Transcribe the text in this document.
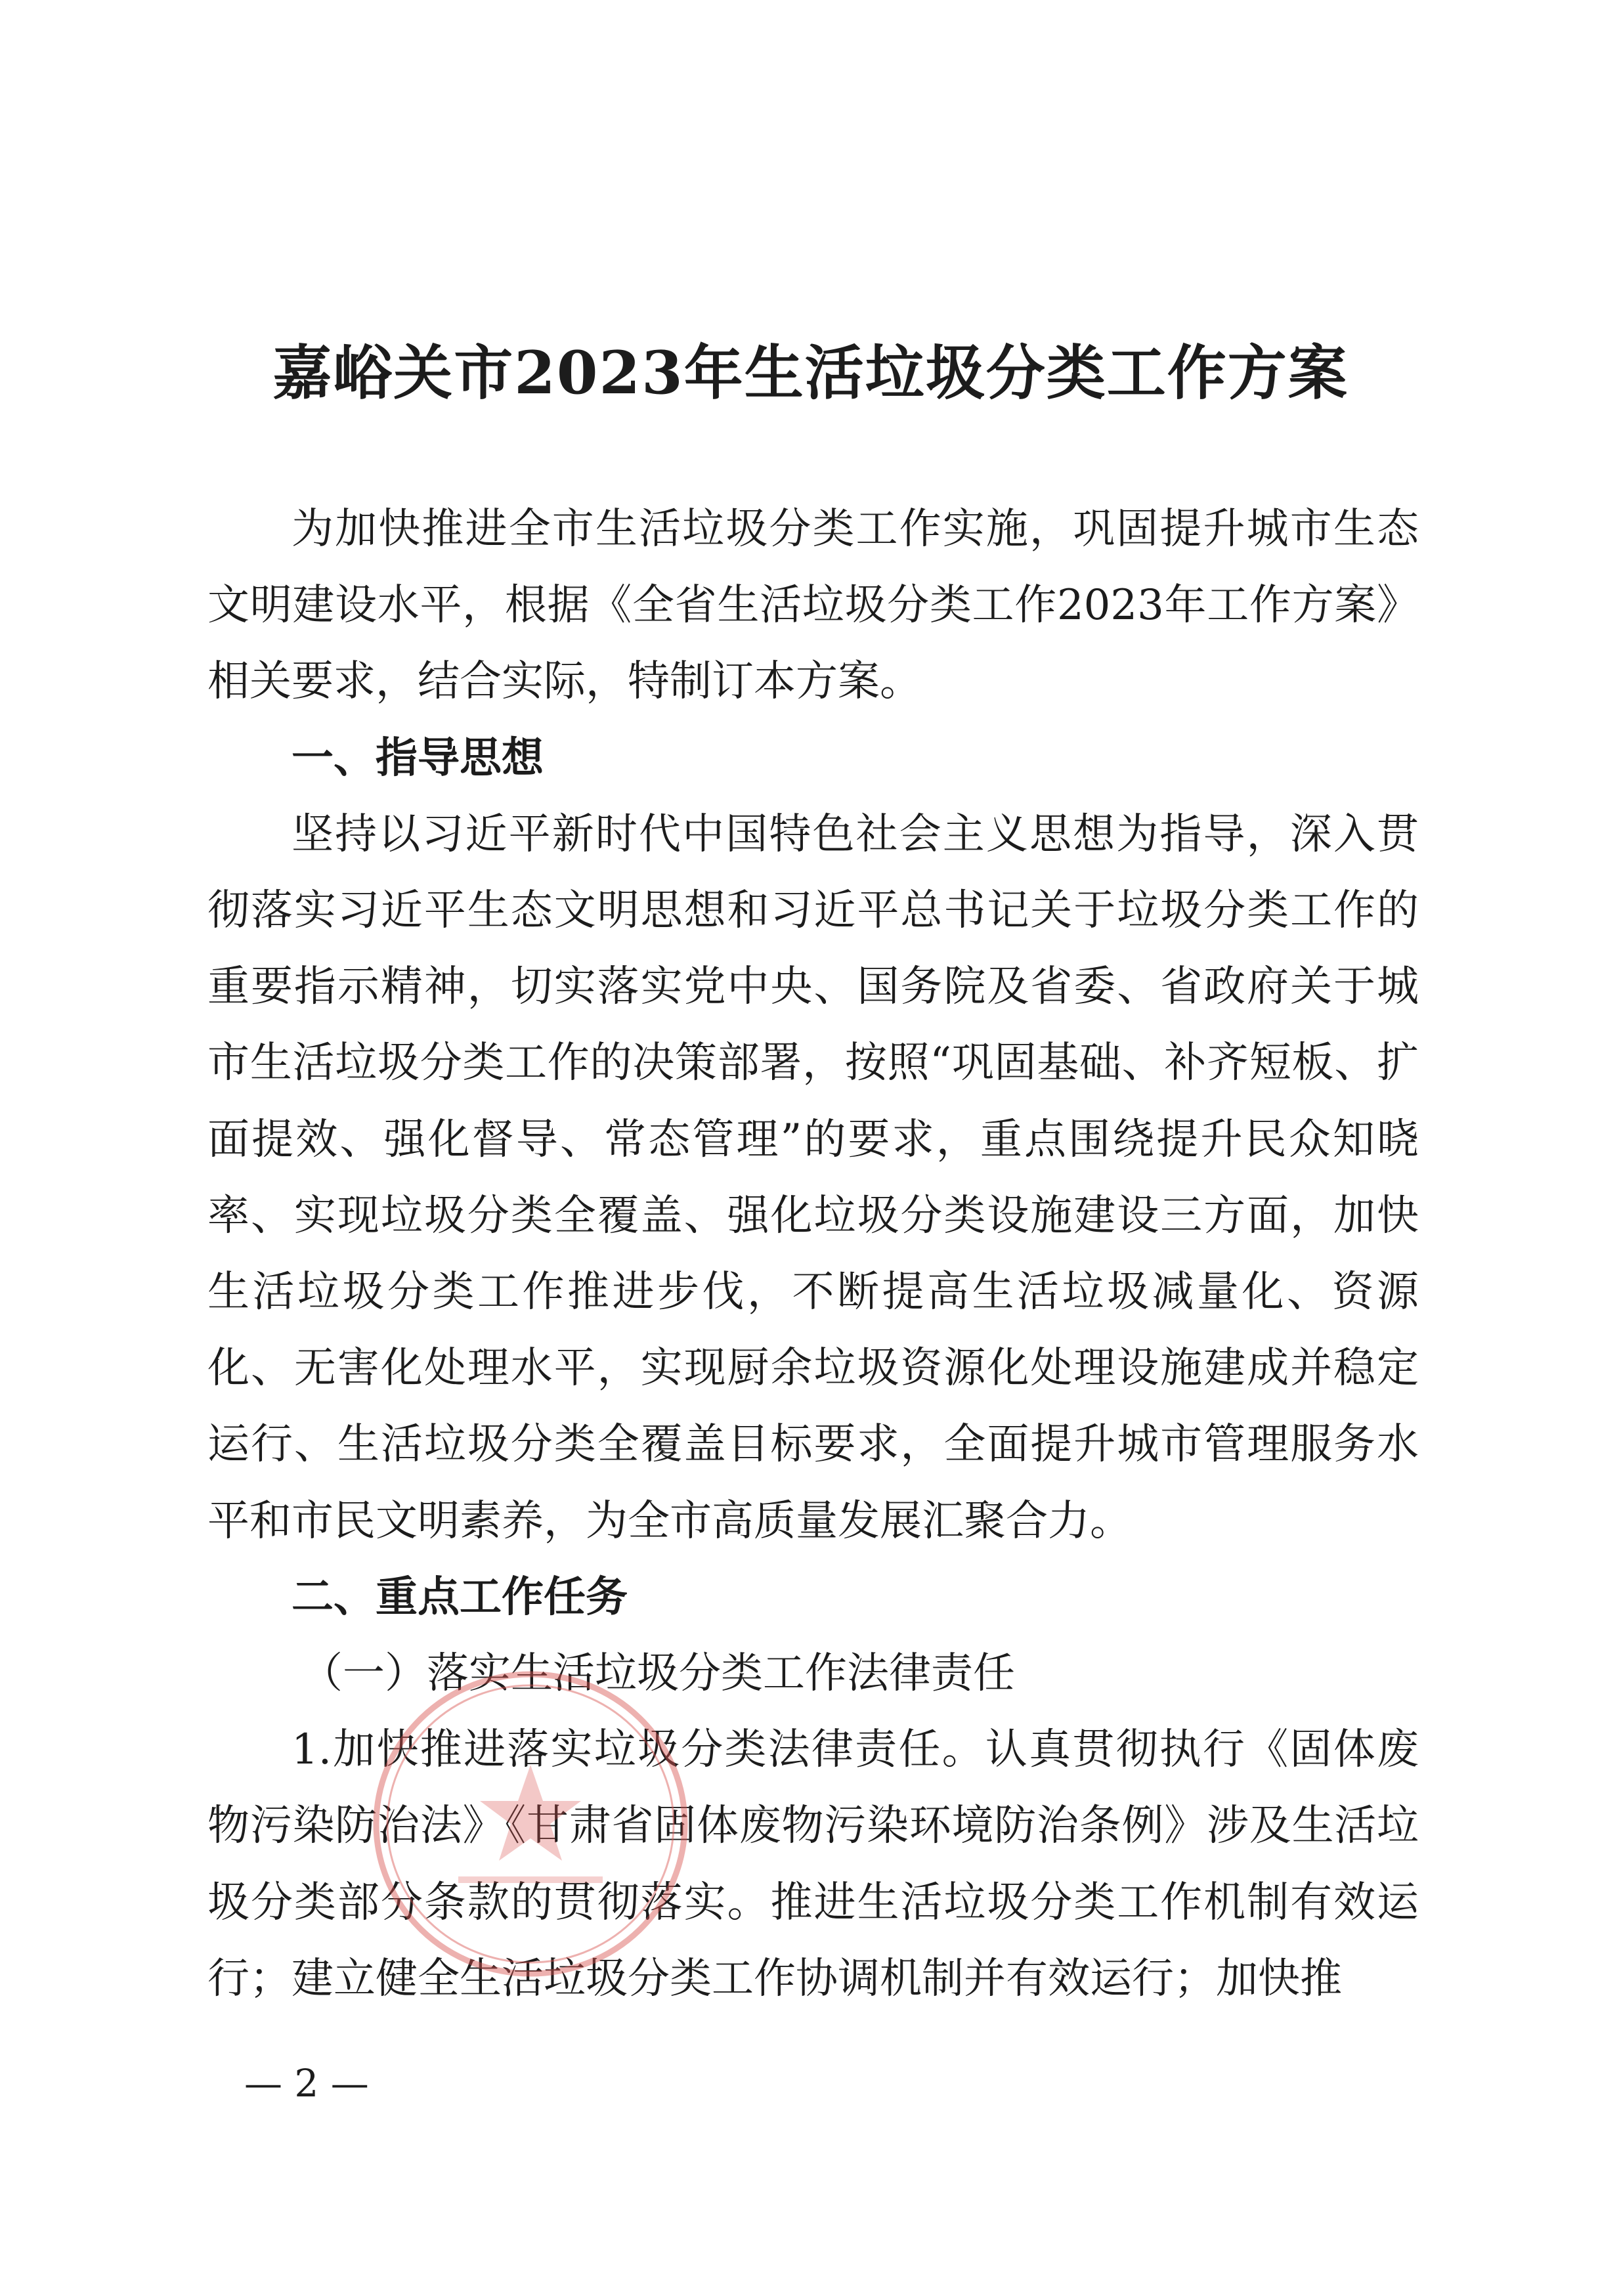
嘉峪关市2023年生活垃圾分类工作方案

为加快推进全市生活垃圾分类工作实施，巩固提升城市生态文明建设水平，根据《全省生活垃圾分类工作2023年工作方案》相关要求，结合实际，特制订本方案。

一、指导思想

坚持以习近平新时代中国特色社会主义思想为指导，深入贯彻落实习近平生态文明思想和习近平总书记关于垃圾分类工作的重要指示精神，切实落实党中央、国务院及省委、省政府关于城市生活垃圾分类工作的决策部署，按照“巩固基础、补齐短板、扩面提效、强化督导、常态管理”的要求，重点围绕提升民众知晓率、实现垃圾分类全覆盖、强化垃圾分类设施建设三方面，加快生活垃圾分类工作推进步伐，不断提高生活垃圾减量化、资源化、无害化处理水平，实现厨余垃圾资源化处理设施建成并稳定运行、生活垃圾分类全覆盖目标要求，全面提升城市管理服务水平和市民文明素养，为全市高质量发展汇聚合力。

二、重点工作任务

（一）落实生活垃圾分类工作法律责任

1.加快推进落实垃圾分类法律责任。认真贯彻执行《固体废物污染防治法》《甘肃省固体废物污染环境防治条例》涉及生活垃圾分类部分条款的贯彻落实。推进生活垃圾分类工作机制有效运行；建立健全生活垃圾分类工作协调机制并有效运行；加快推

— 2 —
